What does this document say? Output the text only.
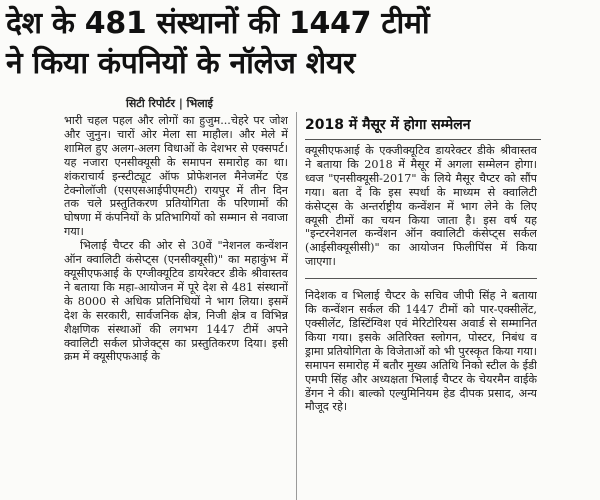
देश के 481 संस्थानों की 1447 टीमों
ने किया कंपनियों के नॉलेज शेयर
सिटी रिपोर्टर | भिलाई

भारी चहल पहल और लोगों का हुजुम...चेहरे पर जोश और जुनुन। चारों ओर मेला सा माहौल। और मेले में शामिल हुए अलग-अलग विधाओं के देशभर से एक्सपर्ट। यह नजारा एनसीक्यूसी के समापन समारोह का था। शंकराचार्य इन्स्टीट्यूट ऑफ प्रोफेशनल मैनेजमेंट एंड टेक्नोलॉजी (एसएसआईपीएमटी) रायपुर में तीन दिन तक चले प्रस्तुतिकरण प्रतियोगिता के परिणामों की घोषणा में कंपनियों के प्रतिभागियों को सम्मान से नवाजा गया।

भिलाई चैप्टर की ओर से 30वें "नेशनल कन्वेंशन ऑन क्वालिटी कंसेप्ट्स (एनसीक्यूसी)" का महाकुंभ में क्यूसीएफआई के एग्जीक्यूटिव डायरेक्टर डीके श्रीवास्तव ने बताया कि महा-आयोजन में पूरे देश से 481 संस्थानों के 8000 से अधिक प्रतिनिधियों ने भाग लिया। इसमें देश के सरकारी, सार्वजनिक क्षेत्र, निजी क्षेत्र व विभिन्न शैक्षणिक संस्थाओं की लगभग 1447 टीमें अपने क्वालिटी सर्कल प्रोजेक्ट्स का प्रस्तुतिकरण दिया। इसी क्रम में क्यूसीएफआई के

2018 में मैसूर में होगा सम्मेलन

क्यूसीएफआई के एक्जीक्यूटिव डायरेक्टर डीके श्रीवास्तव ने बताया कि 2018 में मैसूर में अगला सम्मेलन होगा। ध्वज "एनसीक्यूसी-2017" के लिये मैसूर चैप्टर को सौंप गया। बता दें कि इस स्पर्धा के माध्यम से क्वालिटी कंसेप्ट्स के अन्तर्राष्ट्रीय कन्वेंशन में भाग लेने के लिए क्यूसी टीमों का चयन किया जाता है। इस वर्ष यह "इन्टरनेशनल कन्वेंशन ऑन क्वालिटी कंसेप्ट्स सर्कल (आईसीक्यूसीसी)" का आयोजन फिलीपिंस में किया जाएगा।

निदेशक व भिलाई चैप्टर के सचिव जीपी सिंह ने बताया कि कन्वेंशन सर्कल की 1447 टीमों को पार-एक्सीलेंट, एक्सीलेंट, डिस्टिंग्विश एवं मेरिटोरियस अवार्ड से सम्मानित किया गया। इसके अतिरिक्त स्लोगन, पोस्टर, निबंध व ड्रामा प्रतियोगिता के विजेताओं को भी पुरस्कृत किया गया। समापन समारोह में बतौर मुख्य अतिथि निको स्टील के ईडी एमपी सिंह और अध्यक्षता भिलाई चैप्टर के चेयरमैन वाईके डेंगन ने की। बाल्को एल्युमिनियम हेड दीपक प्रसाद, अन्य मौजूद रहे।
